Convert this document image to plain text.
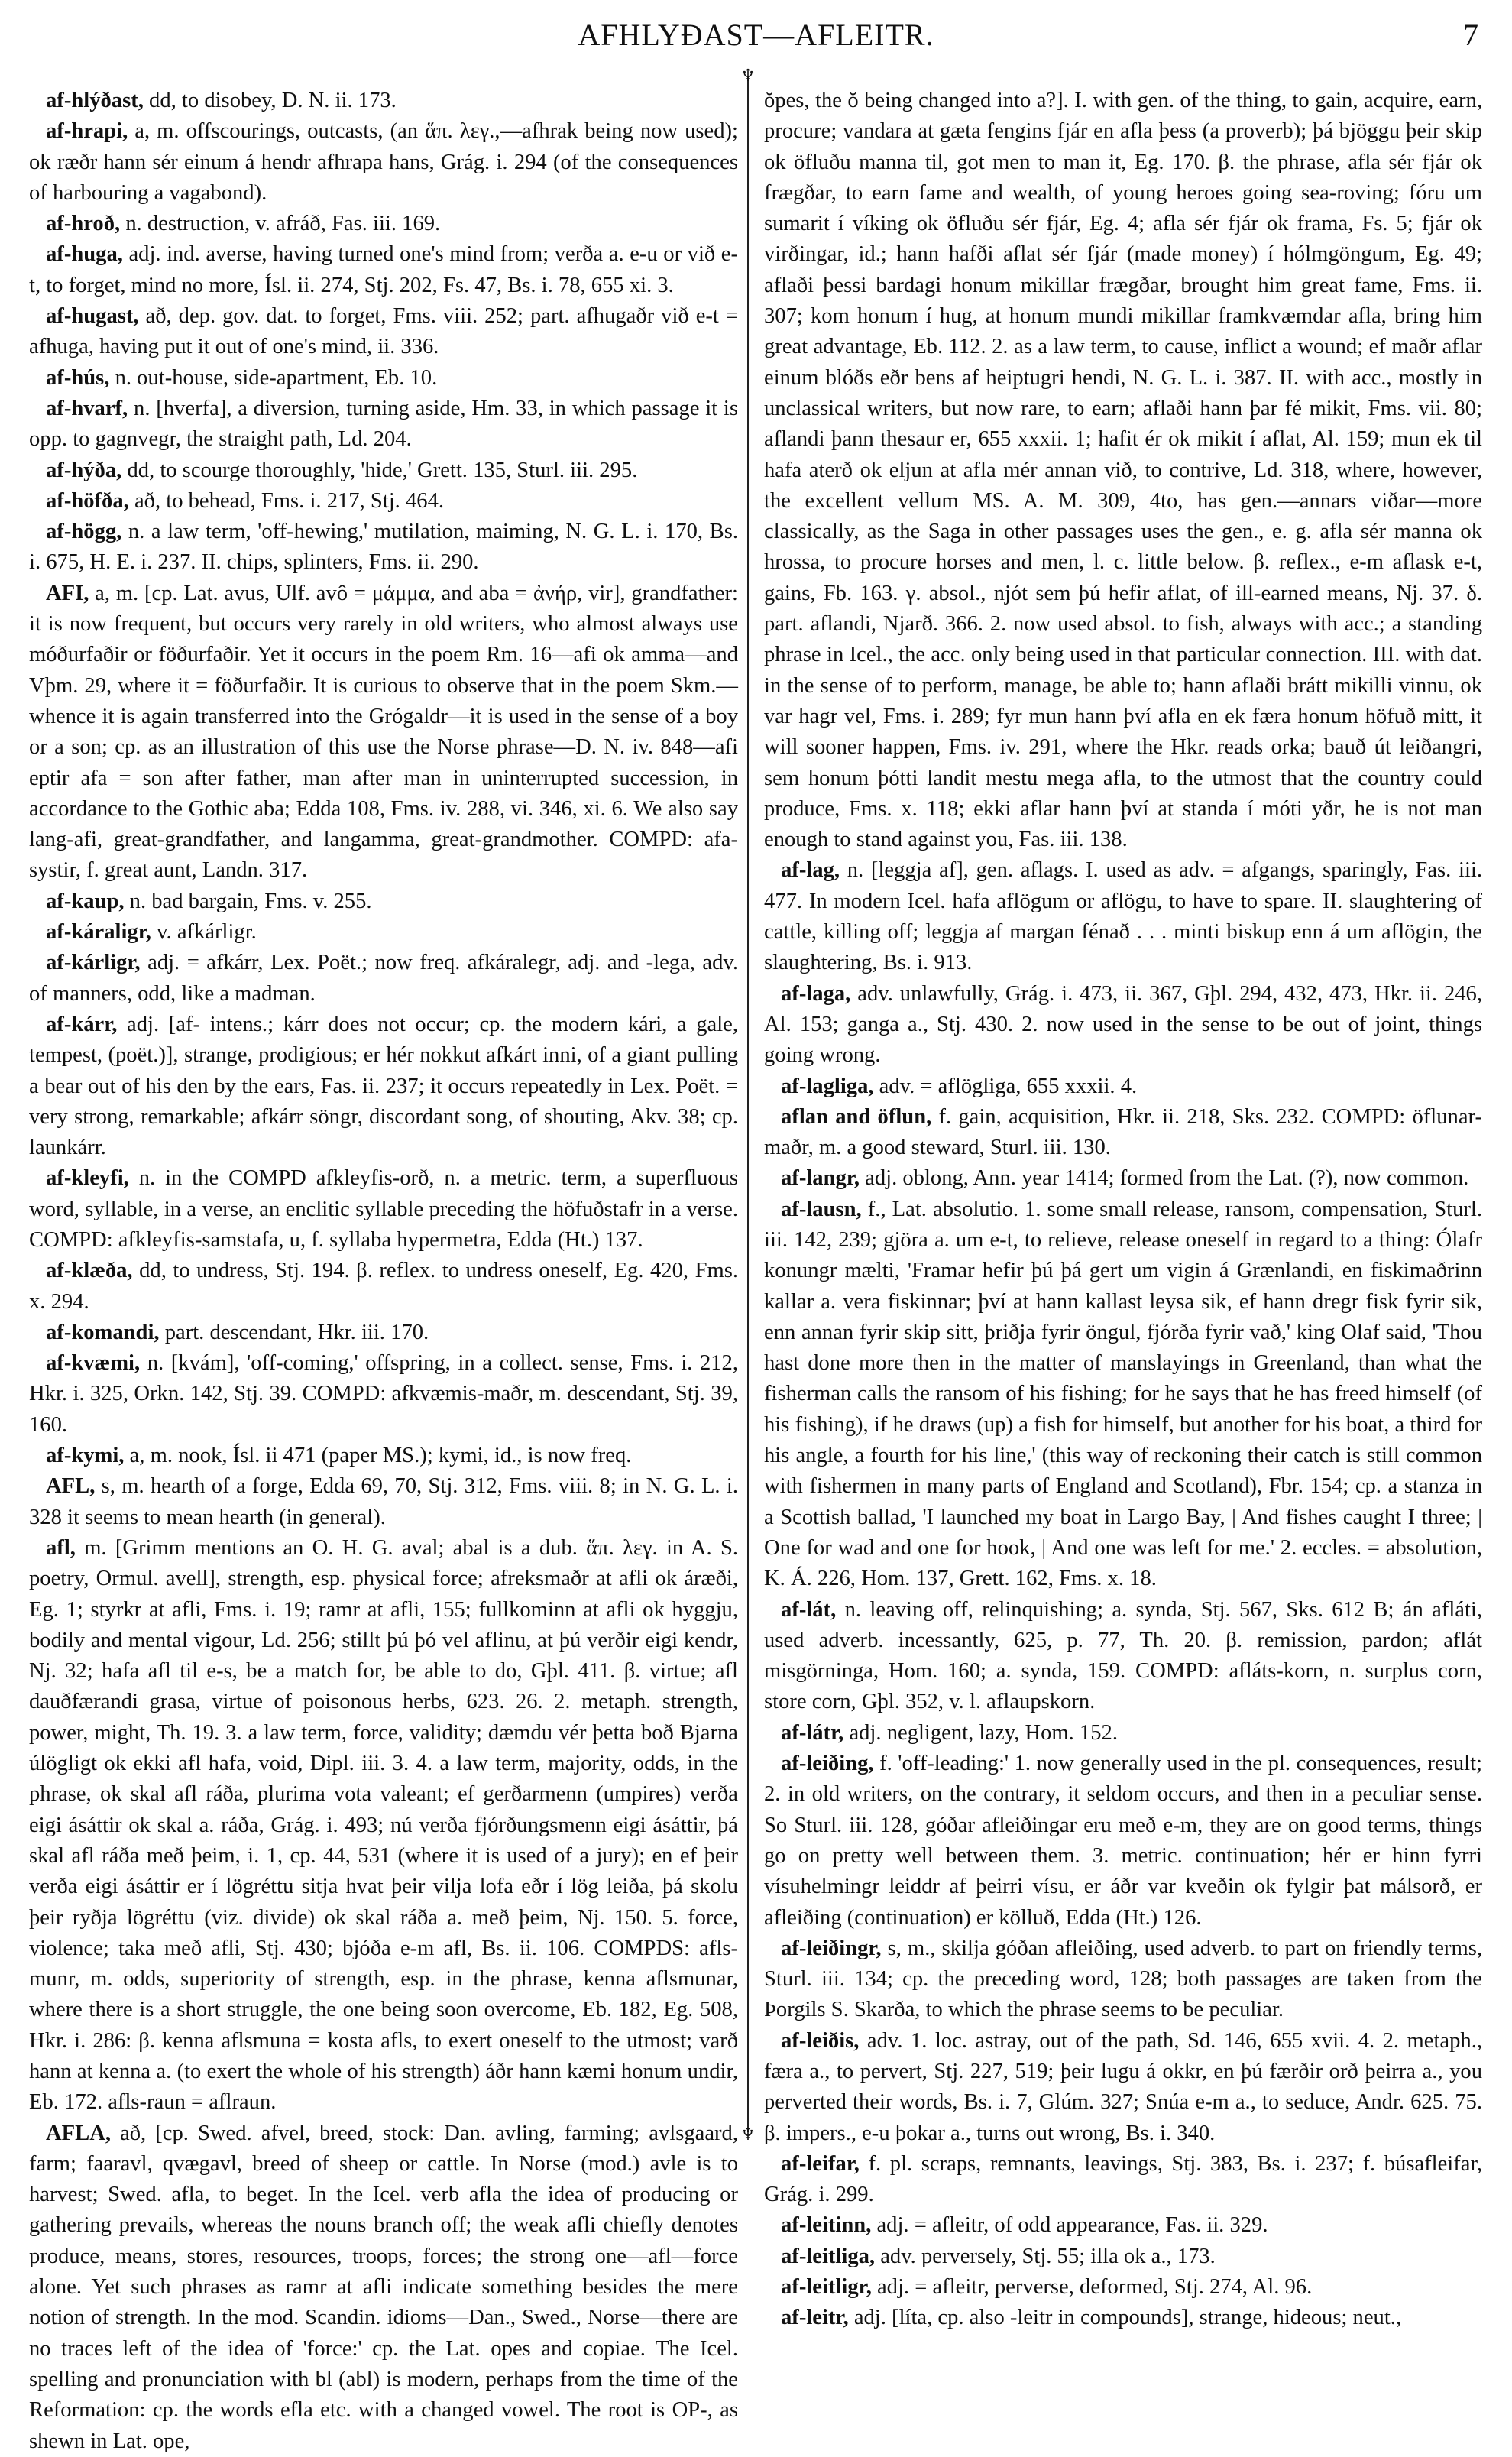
AFHLYÐAST—AFLEITR.	7
♆
♆

af-hlýðast, dd, to disobey, D. N. ii. 173.

af-hrapi, a, m. offscourings, outcasts, (an ἅπ. λεγ.,—afhrak being now used); ok ræðr hann sér einum á hendr afhrapa hans, Grág. i. 294 (of the consequences of harbouring a vagabond).

af-hroð, n. destruction, v. afráð, Fas. iii. 169.

af-huga, adj. ind. averse, having turned one's mind from; verða a. e-u or við e-t, to forget, mind no more, Ísl. ii. 274, Stj. 202, Fs. 47, Bs. i. 78, 655 xi. 3.

af-hugast, að, dep. gov. dat. to forget, Fms. viii. 252; part. afhugaðr við e-t = afhuga, having put it out of one's mind, ii. 336.

af-hús, n. out-house, side-apartment, Eb. 10.

af-hvarf, n. [hverfa], a diversion, turning aside, Hm. 33, in which passage it is opp. to gagnvegr, the straight path, Ld. 204.

af-hýða, dd, to scourge thoroughly, 'hide,' Grett. 135, Sturl. iii. 295.

af-höfða, að, to behead, Fms. i. 217, Stj. 464.

af-högg, n. a law term, 'off-hewing,' mutilation, maiming, N. G. L. i. 170, Bs. i. 675, H. E. i. 237. II. chips, splinters, Fms. ii. 290.

AFI, a, m. [cp. Lat. avus, Ulf. avô = μάμμα, and aba = ἀνήρ, vir], grandfather: it is now frequent, but occurs very rarely in old writers, who almost always use móðurfaðir or föðurfaðir. Yet it occurs in the poem Rm. 16—afi ok amma—and Vþm. 29, where it = föðurfaðir. It is curious to observe that in the poem Skm.—whence it is again transferred into the Grógaldr—it is used in the sense of a boy or a son; cp. as an illustration of this use the Norse phrase—D. N. iv. 848—afi eptir afa = son after father, man after man in uninterrupted succession, in accordance to the Gothic aba; Edda 108, Fms. iv. 288, vi. 346, xi. 6. We also say lang-afi, great-grandfather, and langamma, great-grandmother. COMPD: afa-systir, f. great aunt, Landn. 317.

af-kaup, n. bad bargain, Fms. v. 255.

af-káraligr, v. afkárligr.

af-kárligr, adj. = afkárr, Lex. Poët.; now freq. afkáralegr, adj. and -lega, adv. of manners, odd, like a madman.

af-kárr, adj. [af- intens.; kárr does not occur; cp. the modern kári, a gale, tempest, (poët.)], strange, prodigious; er hér nokkut afkárt inni, of a giant pulling a bear out of his den by the ears, Fas. ii. 237; it occurs repeatedly in Lex. Poët. = very strong, remarkable; afkárr söngr, discordant song, of shouting, Akv. 38; cp. launkárr.

af-kleyfi, n. in the COMPD afkleyfis-orð, n. a metric. term, a superfluous word, syllable, in a verse, an enclitic syllable preceding the höfuðstafr in a verse. COMPD: afkleyfis-samstafa, u, f. syllaba hypermetra, Edda (Ht.) 137.

af-klæða, dd, to undress, Stj. 194. β. reflex. to undress oneself, Eg. 420, Fms. x. 294.

af-komandi, part. descendant, Hkr. iii. 170.

af-kvæmi, n. [kvám], 'off-coming,' offspring, in a collect. sense, Fms. i. 212, Hkr. i. 325, Orkn. 142, Stj. 39. COMPD: afkvæmis-maðr, m. descendant, Stj. 39, 160.

af-kymi, a, m. nook, Ísl. ii 471 (paper MS.); kymi, id., is now freq.

AFL, s, m. hearth of a forge, Edda 69, 70, Stj. 312, Fms. viii. 8; in N. G. L. i. 328 it seems to mean hearth (in general).

afl, m. [Grimm mentions an O. H. G. aval; abal is a dub. ἅπ. λεγ. in A. S. poetry, Ormul. avell], strength, esp. physical force; afreksmaðr at afli ok áræði, Eg. 1; styrkr at afli, Fms. i. 19; ramr at afli, 155; fullkominn at afli ok hyggju, bodily and mental vigour, Ld. 256; stillt þú þó vel aflinu, at þú verðir eigi kendr, Nj. 32; hafa afl til e-s, be a match for, be able to do, Gþl. 411. β. virtue; afl dauðfærandi grasa, virtue of poisonous herbs, 623. 26. 2. metaph. strength, power, might, Th. 19. 3. a law term, force, validity; dæmdu vér þetta boð Bjarna úlögligt ok ekki afl hafa, void, Dipl. iii. 3. 4. a law term, majority, odds, in the phrase, ok skal afl ráða, plurima vota valeant; ef gerðarmenn (umpires) verða eigi ásáttir ok skal a. ráða, Grág. i. 493; nú verða fjórðungsmenn eigi ásáttir, þá skal afl ráða með þeim, i. 1, cp. 44, 531 (where it is used of a jury); en ef þeir verða eigi ásáttir er í lögréttu sitja hvat þeir vilja lofa eðr í lög leiða, þá skolu þeir ryðja lögréttu (viz. divide) ok skal ráða a. með þeim, Nj. 150. 5. force, violence; taka með afli, Stj. 430; bjóða e-m afl, Bs. ii. 106. COMPDS: afls-munr, m. odds, superiority of strength, esp. in the phrase, kenna aflsmunar, where there is a short struggle, the one being soon overcome, Eb. 182, Eg. 508, Hkr. i. 286: β. kenna aflsmuna = kosta afls, to exert oneself to the utmost; varð hann at kenna a. (to exert the whole of his strength) áðr hann kæmi honum undir, Eb. 172. afls-raun = aflraun.

AFLA, að, [cp. Swed. afvel, breed, stock: Dan. avling, farming; avlsgaard, farm; faaravl, qvægavl, breed of sheep or cattle. In Norse (mod.) avle is to harvest; Swed. afla, to beget. In the Icel. verb afla the idea of producing or gathering prevails, whereas the nouns branch off; the weak afli chiefly denotes produce, means, stores, resources, troops, forces; the strong one—afl—force alone. Yet such phrases as ramr at afli indicate something besides the mere notion of strength. In the mod. Scandin. idioms—Dan., Swed., Norse—there are no traces left of the idea of 'force:' cp. the Lat. opes and copiae. The Icel. spelling and pronunciation with bl (abl) is modern, perhaps from the time of the Reformation: cp. the words efla etc. with a changed vowel. The root is OP-, as shewn in Lat. ope,

ŏpes, the ŏ being changed into a?]. I. with gen. of the thing, to gain, acquire, earn, procure; vandara at gæta fengins fjár en afla þess (a proverb); þá bjöggu þeir skip ok öfluðu manna til, got men to man it, Eg. 170. β. the phrase, afla sér fjár ok frægðar, to earn fame and wealth, of young heroes going sea-roving; fóru um sumarit í víking ok öfluðu sér fjár, Eg. 4; afla sér fjár ok frama, Fs. 5; fjár ok virðingar, id.; hann hafði aflat sér fjár (made money) í hólmgöngum, Eg. 49; aflaði þessi bardagi honum mikillar frægðar, brought him great fame, Fms. ii. 307; kom honum í hug, at honum mundi mikillar framkvæmdar afla, bring him great advantage, Eb. 112. 2. as a law term, to cause, inflict a wound; ef maðr aflar einum blóðs eðr bens af heiptugri hendi, N. G. L. i. 387. II. with acc., mostly in unclassical writers, but now rare, to earn; aflaði hann þar fé mikit, Fms. vii. 80; aflandi þann thesaur er, 655 xxxii. 1; hafit ér ok mikit í aflat, Al. 159; mun ek til hafa aterð ok eljun at afla mér annan við, to contrive, Ld. 318, where, however, the excellent vellum MS. A. M. 309, 4to, has gen.—annars viðar—more classically, as the Saga in other passages uses the gen., e. g. afla sér manna ok hrossa, to procure horses and men, l. c. little below. β. reflex., e-m aflask e-t, gains, Fb. 163. γ. absol., njót sem þú hefir aflat, of ill-earned means, Nj. 37. δ. part. aflandi, Njarð. 366. 2. now used absol. to fish, always with acc.; a standing phrase in Icel., the acc. only being used in that particular connection. III. with dat. in the sense of to perform, manage, be able to; hann aflaði brátt mikilli vinnu, ok var hagr vel, Fms. i. 289; fyr mun hann því afla en ek færa honum höfuð mitt, it will sooner happen, Fms. iv. 291, where the Hkr. reads orka; bauð út leiðangri, sem honum þótti landit mestu mega afla, to the utmost that the country could produce, Fms. x. 118; ekki aflar hann því at standa í móti yðr, he is not man enough to stand against you, Fas. iii. 138.

af-lag, n. [leggja af], gen. aflags. I. used as adv. = afgangs, sparingly, Fas. iii. 477. In modern Icel. hafa aflögum or aflögu, to have to spare. II. slaughtering of cattle, killing off; leggja af margan fénað . . . minti biskup enn á um aflögin, the slaughtering, Bs. i. 913.

af-laga, adv. unlawfully, Grág. i. 473, ii. 367, Gþl. 294, 432, 473, Hkr. ii. 246, Al. 153; ganga a., Stj. 430. 2. now used in the sense to be out of joint, things going wrong.

af-lagliga, adv. = aflögliga, 655 xxxii. 4.

aflan and öflun, f. gain, acquisition, Hkr. ii. 218, Sks. 232. COMPD: öflunar-maðr, m. a good steward, Sturl. iii. 130.

af-langr, adj. oblong, Ann. year 1414; formed from the Lat. (?), now common.

af-lausn, f., Lat. absolutio. 1. some small release, ransom, compensation, Sturl. iii. 142, 239; gjöra a. um e-t, to relieve, release oneself in regard to a thing: Ólafr konungr mælti, 'Framar hefir þú þá gert um vigin á Grænlandi, en fiskimaðrinn kallar a. vera fiskinnar; því at hann kallast leysa sik, ef hann dregr fisk fyrir sik, enn annan fyrir skip sitt, þriðja fyrir öngul, fjórða fyrir vað,' king Olaf said, 'Thou hast done more then in the matter of manslayings in Greenland, than what the fisherman calls the ransom of his fishing; for he says that he has freed himself (of his fishing), if he draws (up) a fish for himself, but another for his boat, a third for his angle, a fourth for his line,' (this way of reckoning their catch is still common with fishermen in many parts of England and Scotland), Fbr. 154; cp. a stanza in a Scottish ballad, 'I launched my boat in Largo Bay, | And fishes caught I three; | One for wad and one for hook, | And one was left for me.' 2. eccles. = absolution, K. Á. 226, Hom. 137, Grett. 162, Fms. x. 18.

af-lát, n. leaving off, relinquishing; a. synda, Stj. 567, Sks. 612 B; án afláti, used adverb. incessantly, 625, p. 77, Th. 20. β. remission, pardon; aflát misgörninga, Hom. 160; a. synda, 159. COMPD: afláts-korn, n. surplus corn, store corn, Gþl. 352, v. l. aflaupskorn.

af-látr, adj. negligent, lazy, Hom. 152.

af-leiðing, f. 'off-leading:' 1. now generally used in the pl. consequences, result; 2. in old writers, on the contrary, it seldom occurs, and then in a peculiar sense. So Sturl. iii. 128, góðar afleiðingar eru með e-m, they are on good terms, things go on pretty well between them. 3. metric. continuation; hér er hinn fyrri vísuhelmingr leiddr af þeirri vísu, er áðr var kveðin ok fylgir þat málsorð, er afleiðing (continuation) er kölluð, Edda (Ht.) 126.

af-leiðingr, s, m., skilja góðan afleiðing, used adverb. to part on friendly terms, Sturl. iii. 134; cp. the preceding word, 128; both passages are taken from the Þorgils S. Skarða, to which the phrase seems to be peculiar.

af-leiðis, adv. 1. loc. astray, out of the path, Sd. 146, 655 xvii. 4. 2. metaph., færa a., to pervert, Stj. 227, 519; þeir lugu á okkr, en þú færðir orð þeirra a., you perverted their words, Bs. i. 7, Glúm. 327; Snúa e-m a., to seduce, Andr. 625. 75. β. impers., e-u þokar a., turns out wrong, Bs. i. 340.

af-leifar, f. pl. scraps, remnants, leavings, Stj. 383, Bs. i. 237; f. búsafleifar, Grág. i. 299.

af-leitinn, adj. = afleitr, of odd appearance, Fas. ii. 329.

af-leitliga, adv. perversely, Stj. 55; illa ok a., 173.

af-leitligr, adj. = afleitr, perverse, deformed, Stj. 274, Al. 96.

af-leitr, adj. [líta, cp. also -leitr in compounds], strange, hideous; neut.,
